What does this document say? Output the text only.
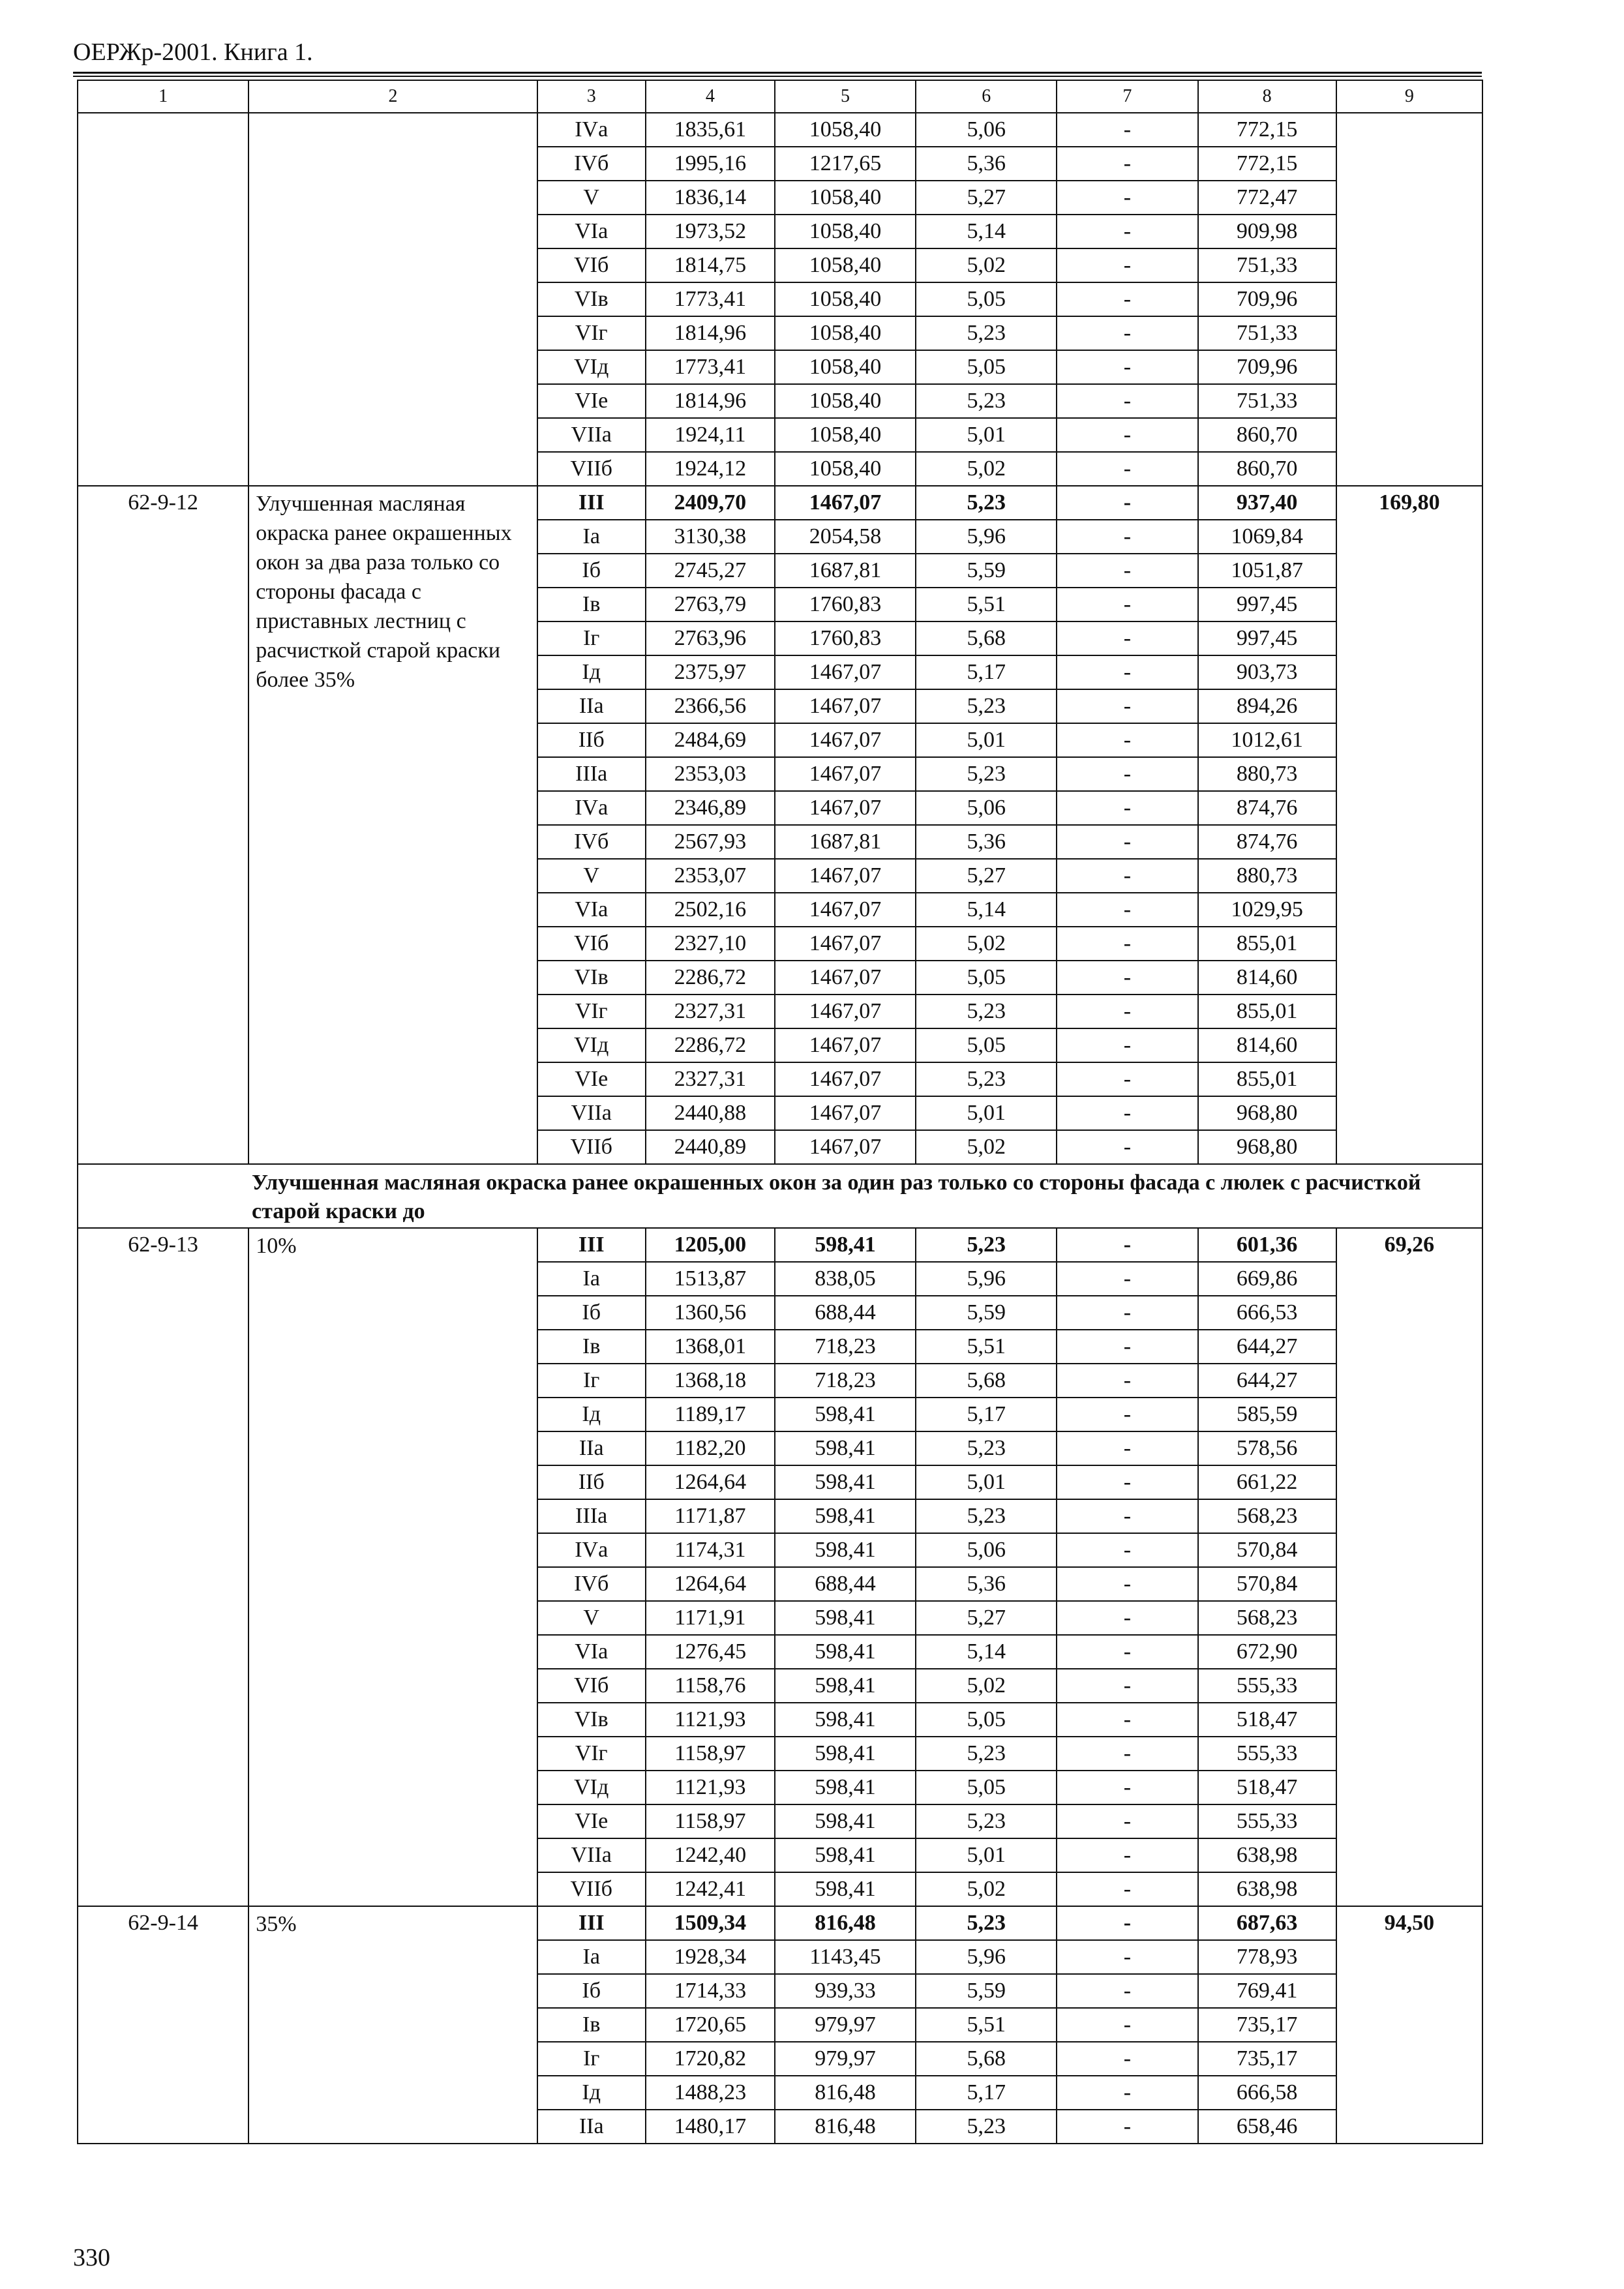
ОЕРЖр-2001. Книга 1.
1	2	3	4	5	6	7	8	9
		IVа	1835,61	1058,40	5,06	-	772,15	
		IVб	1995,16	1217,65	5,36	-	772,15	
		V	1836,14	1058,40	5,27	-	772,47	
		VIа	1973,52	1058,40	5,14	-	909,98	
		VIб	1814,75	1058,40	5,02	-	751,33	
		VIв	1773,41	1058,40	5,05	-	709,96	
		VIг	1814,96	1058,40	5,23	-	751,33	
		VIд	1773,41	1058,40	5,05	-	709,96	
		VIе	1814,96	1058,40	5,23	-	751,33	
		VIIа	1924,11	1058,40	5,01	-	860,70	
		VIIб	1924,12	1058,40	5,02	-	860,70	
62-9-12	Улучшенная масляная окраска ранее окрашенных окон за два раза только со стороны фасада с приставных лестниц с расчисткой старой краски более 35%	III	2409,70	1467,07	5,23	-	937,40	169,80
		Iа	3130,38	2054,58	5,96	-	1069,84	
		Iб	2745,27	1687,81	5,59	-	1051,87	
		Iв	2763,79	1760,83	5,51	-	997,45	
		Iг	2763,96	1760,83	5,68	-	997,45	
		Iд	2375,97	1467,07	5,17	-	903,73	
		IIа	2366,56	1467,07	5,23	-	894,26	
		IIб	2484,69	1467,07	5,01	-	1012,61	
		IIIа	2353,03	1467,07	5,23	-	880,73	
		IVа	2346,89	1467,07	5,06	-	874,76	
		IVб	2567,93	1687,81	5,36	-	874,76	
		V	2353,07	1467,07	5,27	-	880,73	
		VIа	2502,16	1467,07	5,14	-	1029,95	
		VIб	2327,10	1467,07	5,02	-	855,01	
		VIв	2286,72	1467,07	5,05	-	814,60	
		VIг	2327,31	1467,07	5,23	-	855,01	
		VIд	2286,72	1467,07	5,05	-	814,60	
		VIе	2327,31	1467,07	5,23	-	855,01	
		VIIа	2440,88	1467,07	5,01	-	968,80	
		VIIб	2440,89	1467,07	5,02	-	968,80	
Улучшенная масляная окраска ранее окрашенных окон за один раз только со стороны фасада с люлек с расчисткой старой краски до								
62-9-13	10%	III	1205,00	598,41	5,23	-	601,36	69,26
		Iа	1513,87	838,05	5,96	-	669,86	
		Iб	1360,56	688,44	5,59	-	666,53	
		Iв	1368,01	718,23	5,51	-	644,27	
		Iг	1368,18	718,23	5,68	-	644,27	
		Iд	1189,17	598,41	5,17	-	585,59	
		IIа	1182,20	598,41	5,23	-	578,56	
		IIб	1264,64	598,41	5,01	-	661,22	
		IIIа	1171,87	598,41	5,23	-	568,23	
		IVа	1174,31	598,41	5,06	-	570,84	
		IVб	1264,64	688,44	5,36	-	570,84	
		V	1171,91	598,41	5,27	-	568,23	
		VIа	1276,45	598,41	5,14	-	672,90	
		VIб	1158,76	598,41	5,02	-	555,33	
		VIв	1121,93	598,41	5,05	-	518,47	
		VIг	1158,97	598,41	5,23	-	555,33	
		VIд	1121,93	598,41	5,05	-	518,47	
		VIе	1158,97	598,41	5,23	-	555,33	
		VIIа	1242,40	598,41	5,01	-	638,98	
		VIIб	1242,41	598,41	5,02	-	638,98	
62-9-14	35%	III	1509,34	816,48	5,23	-	687,63	94,50
		Iа	1928,34	1143,45	5,96	-	778,93	
		Iб	1714,33	939,33	5,59	-	769,41	
		Iв	1720,65	979,97	5,51	-	735,17	
		Iг	1720,82	979,97	5,68	-	735,17	
		Iд	1488,23	816,48	5,17	-	666,58	
		IIа	1480,17	816,48	5,23	-	658,46	
330
